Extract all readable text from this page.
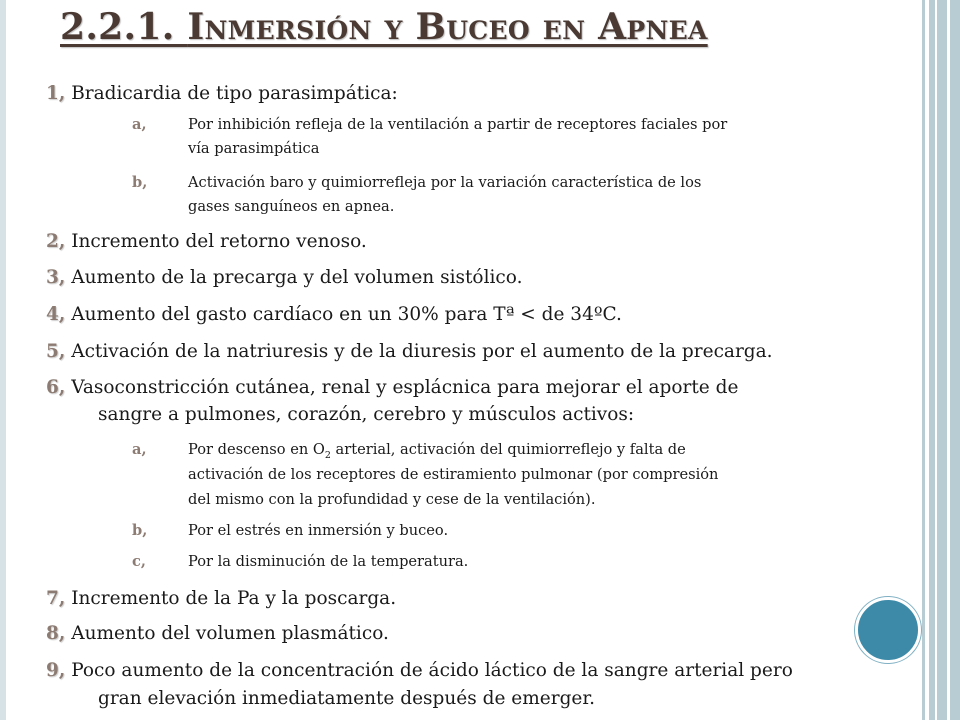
2.2.1. Inmersión y Buceo en Apnea
1, Bradicardia de tipo parasimpática:
a,	Por inhibición refleja de la ventilación a partir de receptores faciales por
vía parasimpática
b,	Activación baro y quimiorrefleja por la variación característica de los
gases sanguíneos en apnea.
2, Incremento del retorno venoso.
3, Aumento de la precarga y del volumen sistólico.
4, Aumento del gasto cardíaco en un 30% para Tª < de 34ºC.
5, Activación de la natriuresis y de la diuresis por el aumento de la precarga.
6, Vasoconstricción cutánea, renal y esplácnica para mejorar el aporte de
sangre a pulmones, corazón, cerebro y músculos activos:
a,	Por descenso en $O_2$ arterial, activación del quimiorreflejo y falta de
activación de los receptores de estiramiento pulmonar (por compresión
del mismo con la profundidad y cese de la ventilación).
b,	Por el estrés en inmersión y buceo.
c,	Por la disminución de la temperatura.
7, Incremento de la Pa y la poscarga.
8, Aumento del volumen plasmático.
9, Poco aumento de la concentración de ácido láctico de la sangre arterial pero
gran elevación inmediatamente después de emerger.
